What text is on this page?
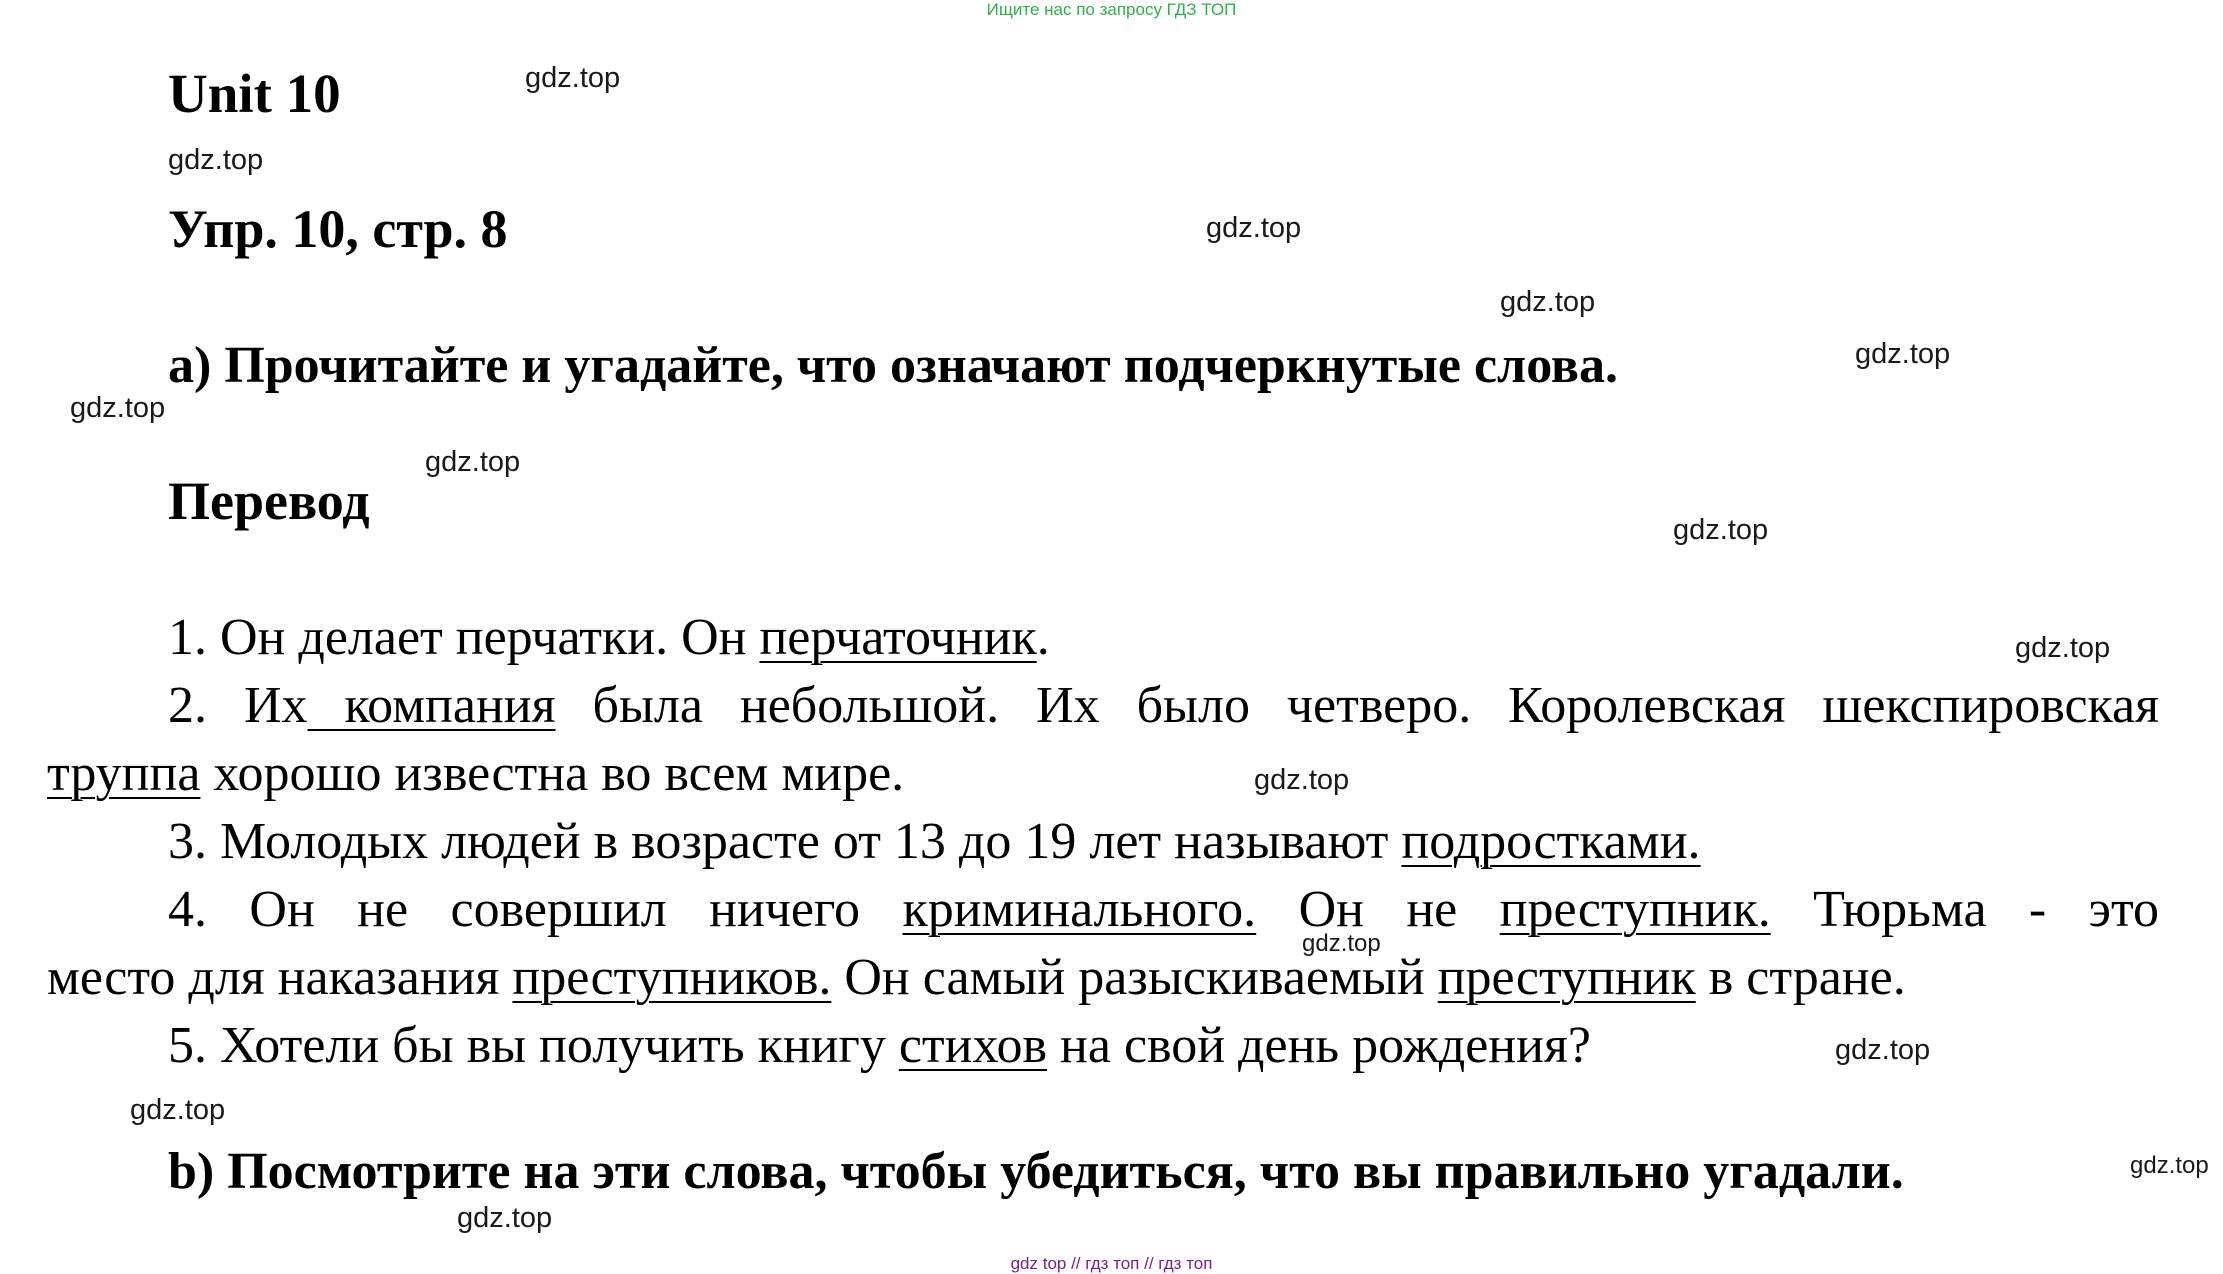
Ищите нас по запросу ГДЗ ТОП
Unit 10
Упр. 10, стр. 8
a) Прочитайте и угадайте, что означают подчеркнутые слова.
Перевод
1. Он делает перчатки. Он перчаточник.
2. Их компания была небольшой. Их было четверо. Королевская шекспировская
труппа хорошо известна во всем мире.
3. Молодых людей в возрасте от 13 до 19 лет называют подростками.
4. Он не совершил ничего криминального. Он не преступник. Тюрьма - это
место для наказания преступников. Он самый разыскиваемый преступник в стране.
5. Хотели бы вы получить книгу стихов на свой день рождения?
b) Посмотрите на эти слова, чтобы убедиться, что вы правильно угадали.
gdz.top
gdz.top
gdz.top
gdz.top
gdz.top
gdz.top
gdz.top
gdz.top
gdz.top
gdz.top
gdz.top
gdz.top
gdz.top
gdz.top
gdz.top
gdz top // гдз топ // гдз топ
